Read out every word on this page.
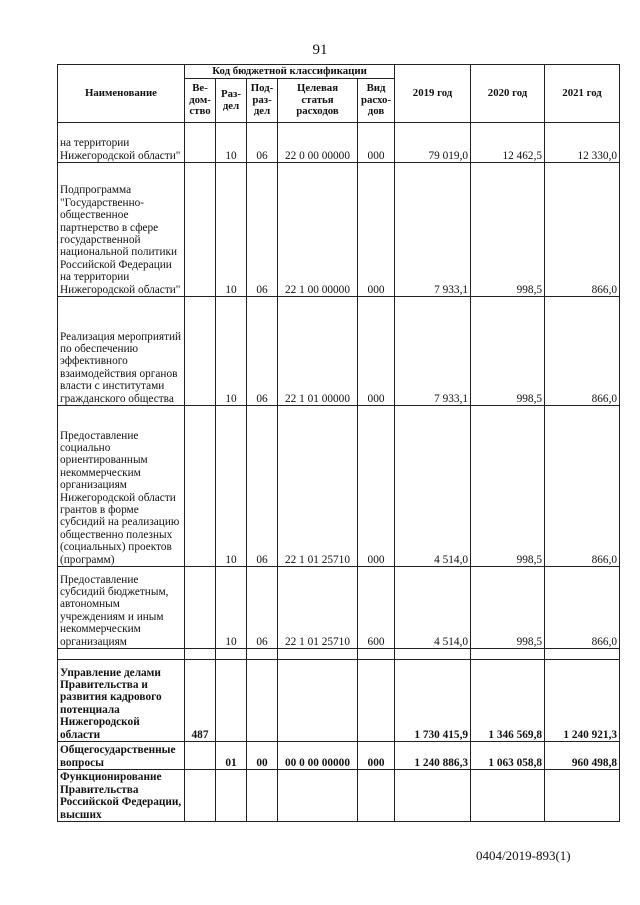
91
Наименование	Код бюджетной классификации					2019 год	2020 год	2021 год
	Ве-дом-ство	Раз-дел	Под-раз-дел	Целевая статья расходов	Вид расхо-дов			
на территории Нижегородской области"		10	06	22 0 00 00000	000	79 019,0	12 462,5	12 330,0
Подпрограмма "Государственно-общественное партнерство в сфере государственной национальной политики Российской Федерации на территории Нижегородской области"		10	06	22 1 00 00000	000	7 933,1	998,5	866,0
Реализация мероприятий по обеспечению эффективного взаимодействия органов власти с институтами гражданского общества		10	06	22 1 01 00000	000	7 933,1	998,5	866,0
Предоставление социально ориентированным некоммерческим организациям Нижегородской области грантов в форме субсидий на реализацию общественно полезных (социальных) проектов (программ)		10	06	22 1 01 25710	000	4 514,0	998,5	866,0
Предоставление субсидий бюджетным, автономным учреждениям и иным некоммерческим организациям		10	06	22 1 01 25710	600	4 514,0	998,5	866,0

Управление делами Правительства и развития кадрового потенциала Нижегородской области	487					1 730 415,9	1 346 569,8	1 240 921,3
Общегосударственные вопросы		01	00	00 0 00 00000	000	1 240 886,3	1 063 058,8	960 498,8
Функционирование Правительства Российской Федерации, высших								
0404/2019-893(1)
